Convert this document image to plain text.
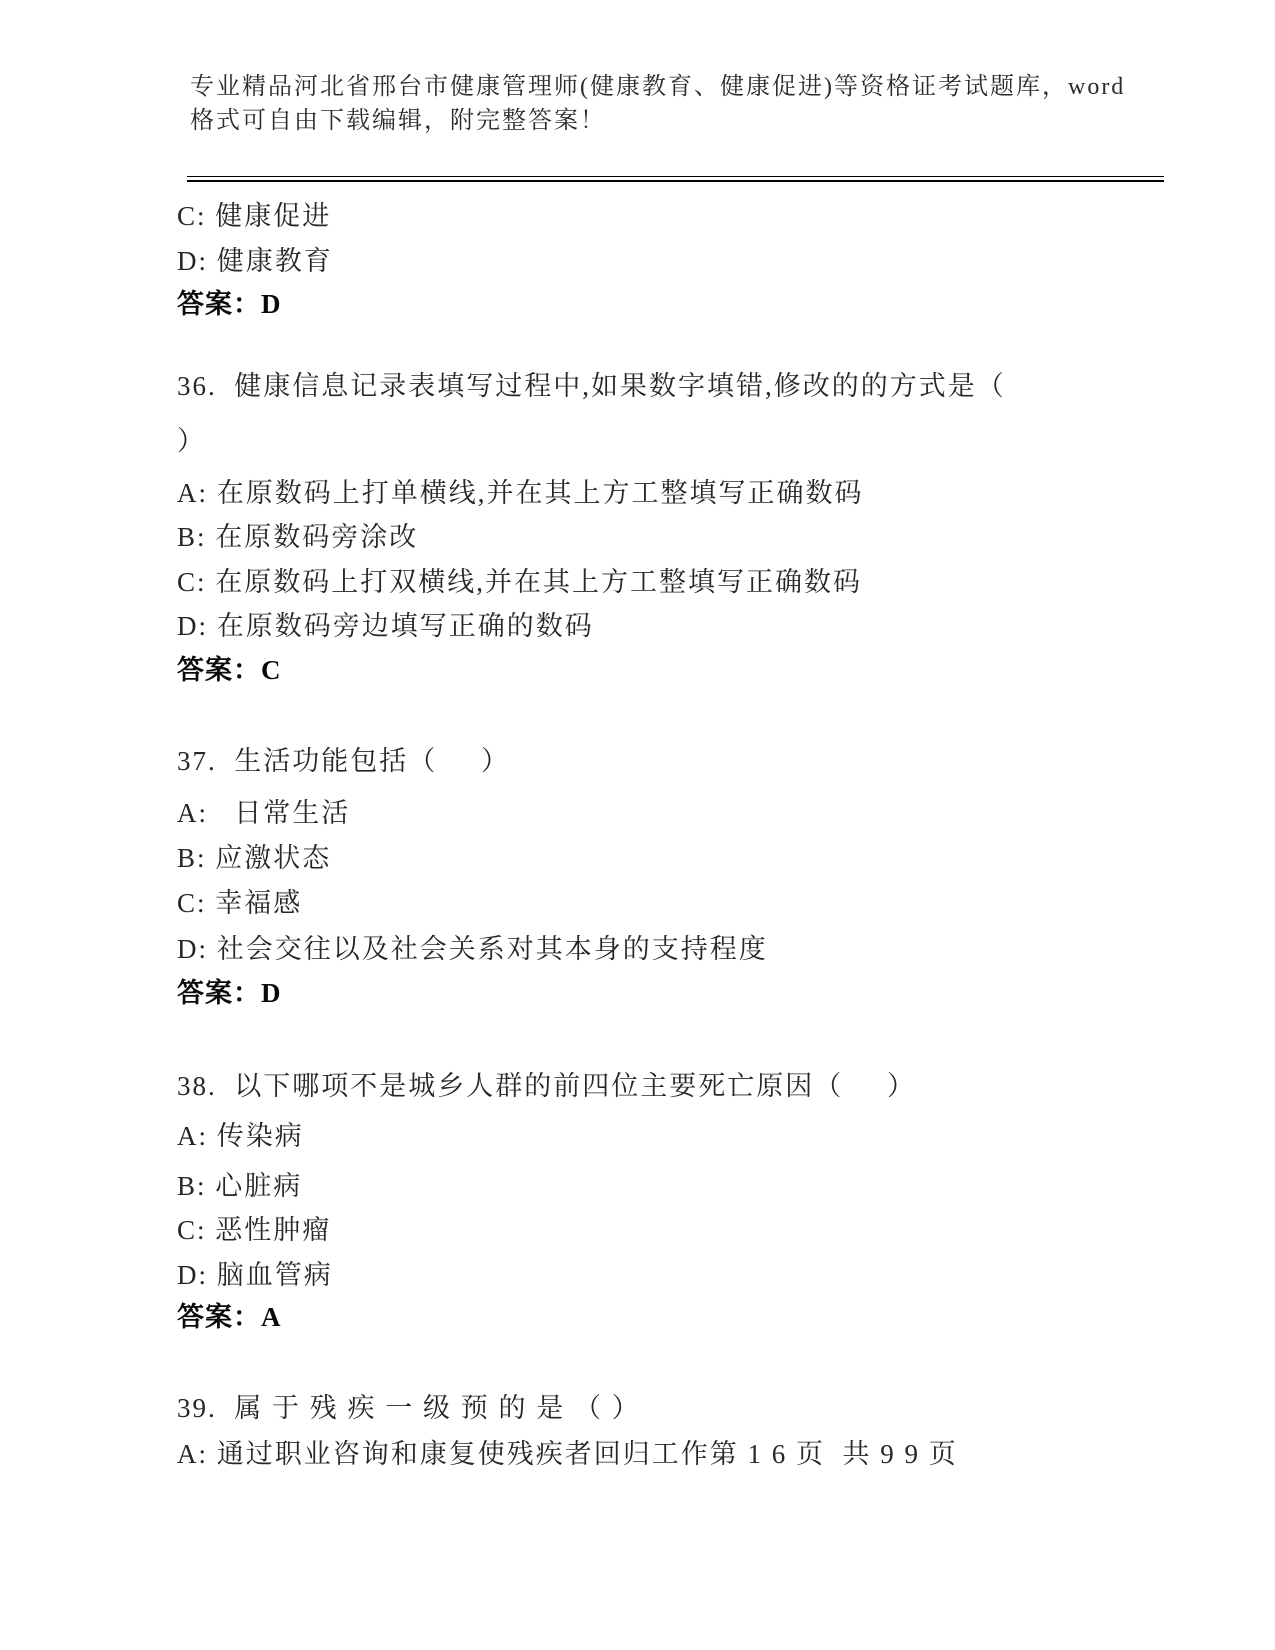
专业精品河北省邢台市健康管理师(健康教育、健康促进)等资格证考试题库，word
格式可自由下载编辑，附完整答案！

C: 健康促进

D: 健康教育

答案：D

36.  健康信息记录表填写过程中,如果数字填错,修改的的方式是（

）

A: 在原数码上打单横线,并在其上方工整填写正确数码

B: 在原数码旁涂改

C: 在原数码上打双横线,并在其上方工整填写正确数码

D: 在原数码旁边填写正确的数码

答案：C

37.  生活功能包括（     ）

A:   日常生活

B: 应激状态

C: 幸福感

D: 社会交往以及社会关系对其本身的支持程度

答案：D

38.  以下哪项不是城乡人群的前四位主要死亡原因（     ）

A: 传染病

B: 心脏病

C: 恶性肿瘤

D: 脑血管病

答案：A

39.  属 于 残 疾 一 级 预 的 是 （ ）

A: 通过职业咨询和康复使残疾者回归工作第 1 6 页  共 9 9 页
